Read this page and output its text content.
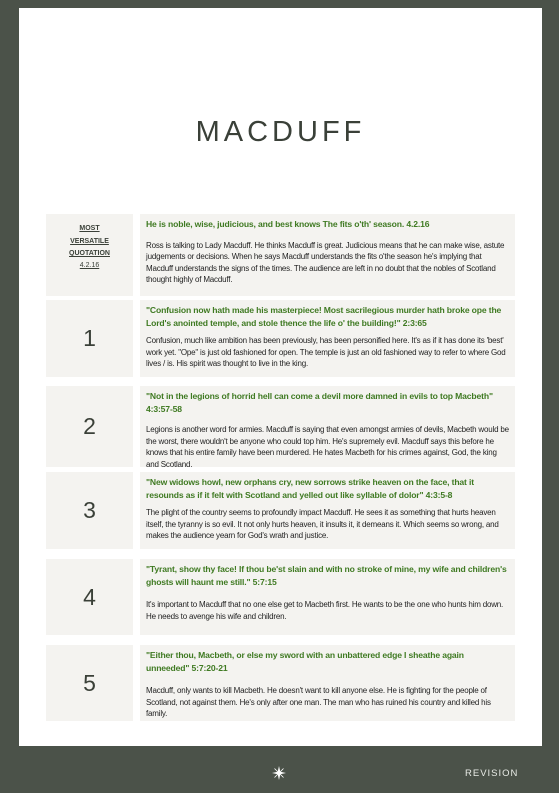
MACDUFF
MOST VERSATILE QUOTATION
4.2.16
He is noble, wise, judicious, and best knows The fits o'th' season. 4.2.16
Ross is talking to Lady Macduff. He thinks Macduff is great. Judicious means that he can make wise, astute judgements or decisions. When he says Macduff understands the fits o'the season he's implying that Macduff understands the signs of the times. The audience are left in no doubt that the nobles of Scotland thought highly of Macduff.
1
"Confusion now hath made his masterpiece! Most sacrilegious murder hath broke ope the Lord's anointed temple, and stole thence the life o' the building!" 2:3:65
Confusion, much like ambition has been previously, has been personified here. It's as if it has done its 'best' work yet. "Ope" is just old fashioned for open. The temple is just an old fashioned way to refer to where God lives / is. His spirit was thought to live in the king.
2
"Not in the legions of horrid hell can come a devil more damned in evils to top Macbeth" 4:3:57-58
Legions is another word for armies. Macduff is saying that even amongst armies of devils, Macbeth would be the worst, there wouldn't be anyone who could top him. He's supremely evil. Macduff says this before he knows that his entire family have been murdered. He hates Macbeth for his crimes against, God, the king and Scotland.
3
"New widows howl, new orphans cry, new sorrows strike heaven on the face, that it resounds as if it felt with Scotland and yelled out like syllable of dolor" 4:3:5-8
The plight of the country seems to profoundly impact Macduff. He sees it as something that hurts heaven itself, the tyranny is so evil. It not only hurts heaven, it insults it, it demeans it. Which seems so wrong, and makes the audience yearn for God's wrath and justice.
4
"Tyrant, show thy face! If thou be'st slain and with no stroke of mine, my wife and children's ghosts will haunt me still." 5:7:15
It's important to Macduff that no one else get to Macbeth first. He wants to be the one who hunts him down. He needs to avenge his wife and children.
5
"Either thou, Macbeth, or else my sword with an unbattered edge I sheathe again unneeded" 5:7:20-21
Macduff, only wants to kill Macbeth. He doesn't want to kill anyone else. He is fighting for the people of Scotland, not against them. He's only after one man. The man who has ruined his country and killed his family.
REVISION
